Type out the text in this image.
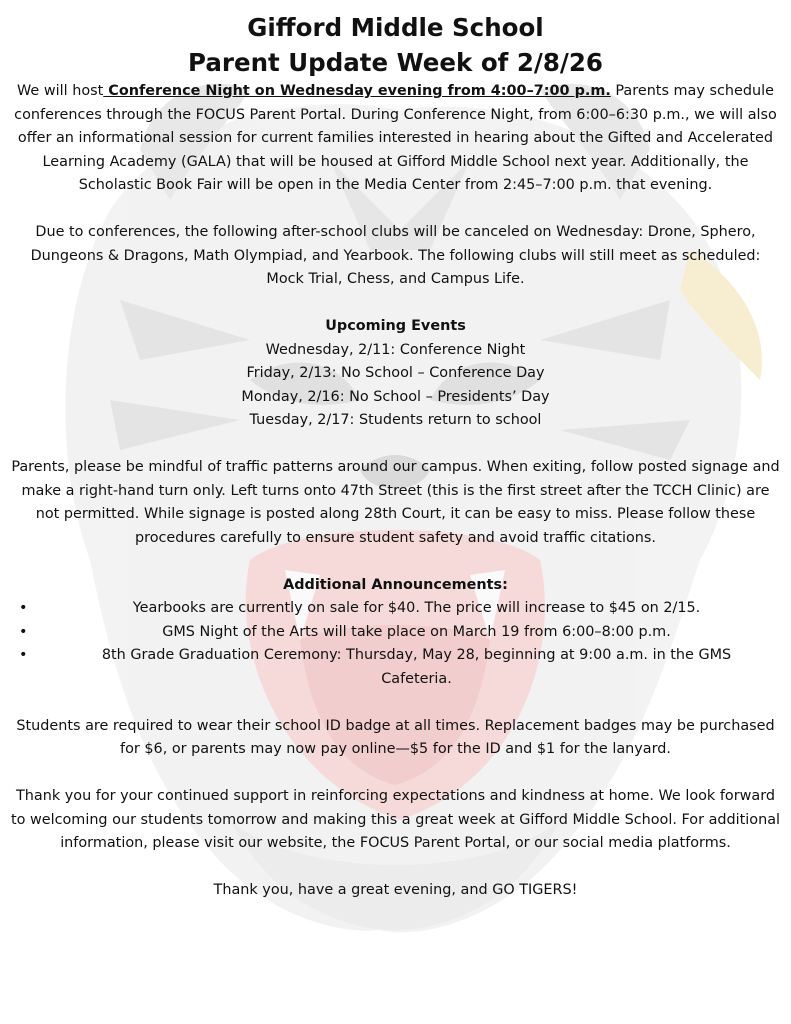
Gifford Middle School
Parent Update Week of 2/8/26

We will host Conference Night on Wednesday evening from 4:00–7:00 p.m. Parents may schedule conferences through the FOCUS Parent Portal. During Conference Night, from 6:00–6:30 p.m., we will also offer an informational session for current families interested in hearing about the Gifted and Accelerated Learning Academy (GALA) that will be housed at Gifford Middle School next year. Additionally, the Scholastic Book Fair will be open in the Media Center from 2:45–7:00 p.m. that evening.

Due to conferences, the following after-school clubs will be canceled on Wednesday: Drone, Sphero, Dungeons & Dragons, Math Olympiad, and Yearbook. The following clubs will still meet as scheduled: Mock Trial, Chess, and Campus Life.

Upcoming Events

Wednesday, 2/11: Conference Night

Friday, 2/13: No School – Conference Day

Monday, 2/16: No School – Presidents’ Day

Tuesday, 2/17: Students return to school

Parents, please be mindful of traffic patterns around our campus. When exiting, follow posted signage and make a right-hand turn only. Left turns onto 47th Street (this is the first street after the TCCH Clinic) are not permitted. While signage is posted along 28th Court, it can be easy to miss. Please follow these procedures carefully to ensure student safety and avoid traffic citations.

Additional Announcements:

•	Yearbooks are currently on sale for $40. The price will increase to $45 on 2/15.
•	GMS Night of the Arts will take place on March 19 from 6:00–8:00 p.m.
•	8th Grade Graduation Ceremony: Thursday, May 28, beginning at 9:00 a.m. in the GMS Cafeteria.

Students are required to wear their school ID badge at all times. Replacement badges may be purchased for $6, or parents may now pay online—$5 for the ID and $1 for the lanyard.

Thank you for your continued support in reinforcing expectations and kindness at home. We look forward to welcoming our students tomorrow and making this a great week at Gifford Middle School. For additional information, please visit our website, the FOCUS Parent Portal, or our social media platforms.

Thank you, have a great evening, and GO TIGERS!
